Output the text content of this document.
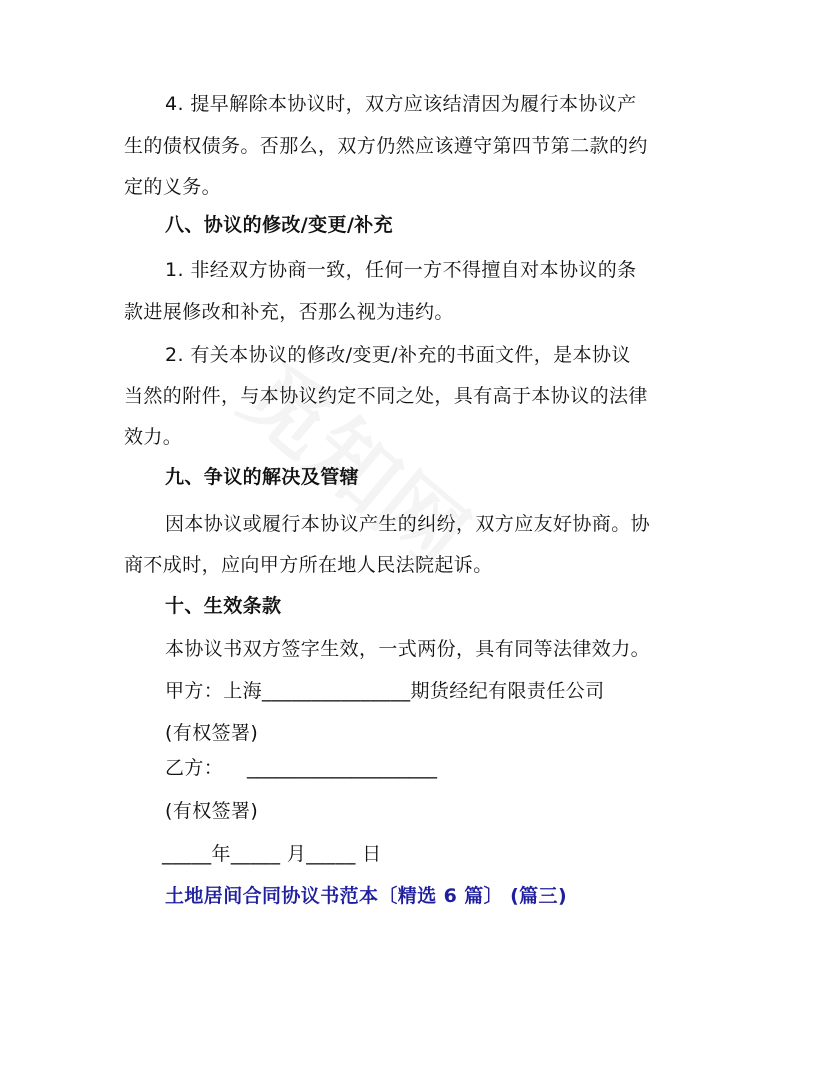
4. 提早解除本协议时，双方应该结清因为履行本协议产
生的债权债务。否那么，双方仍然应该遵守第四节第二款的约
定的义务。
八、协议的修改/变更/补充
1. 非经双方协商一致，任何一方不得擅自对本协议的条
款进展修改和补充，否那么视为违约。
2. 有关本协议的修改/变更/补充的书面文件，是本协议
当然的附件，与本协议约定不同之处，具有高于本协议的法律
效力。
九、争议的解决及管辖
因本协议或履行本协议产生的纠纷，双方应友好协商。协
商不成时，应向甲方所在地人民法院起诉。
十、生效条款
本协议书双方签字生效，一式两份，具有同等法律效力。
甲方：上海_______________期货经纪有限责任公司
(有权签署)
乙方： ____________________
(有权签署)
_____年_____ 月_____ 日
土地居间合同协议书范本〔精选 6 篇〕 (篇三)
